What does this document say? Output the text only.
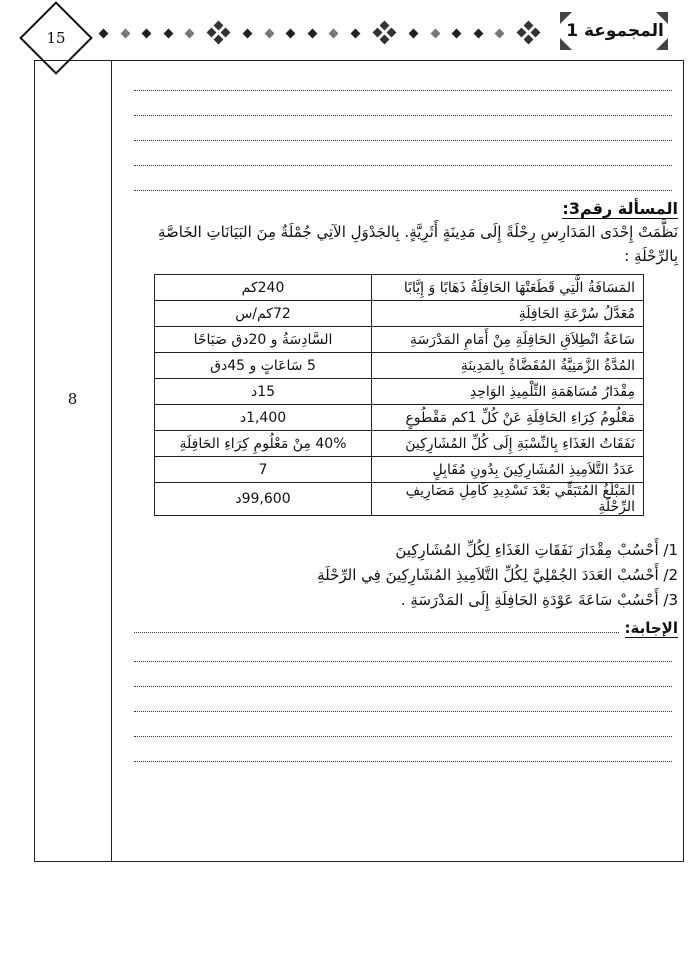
15	المجموعة 1
8
المسألة رقم3:
نَظَّمَتْ إِحْدَى المَدَارِسِ رِحْلَةً إِلَى مَدِينَةٍ أَثَرِيَّةٍ. بِالجَدْوَلِ الآتِي جُمْلَةٌ مِنَ البَيَانَاتِ الخَاصَّةِ بِالرِّحْلَةِ :
المَسَافَةُ الَّتِي قَطَعَتْهَا الحَافِلَةُ ذَهَابًا وَ إِيَّابًا	240كم
مُعَدَّلُ سُرْعَةِ الحَافِلَةِ	72كم/س
سَاعَةُ انْطِلاَقِ الحَافِلَةِ مِنْ أَمَامِ المَدْرَسَةِ	السَّادِسَةُ و 20دق صَبَاحًا
المُدَّةُ الزَّمَنِيَّةُ المُقَضَّاةُ بِالمَدِينَةِ	5 سَاعَاتٍ و 45دق
مِقْدَارُ مُسَاهَمَةِ التِّلْمِيذِ الوَاحِدِ	15د
مَعْلُومُ كِرَاءِ الحَافِلَةِ عَنْ كُلِّ 1كم مَقْطُوعٍ	1,400د
نَفَقَاتُ الغَذَاءِ بِالنِّسْبَةِ إِلَى كُلِّ المُشَارِكِينَ	40% مِنْ مَعْلُومِ كِرَاءِ الحَافِلَةِ
عَدَدُ التَّلاَمِيذِ المُشَارِكِينَ بِدُونِ مُقَابِلٍ	7
المَبْلَغُ المُتَبَقِّي بَعْدَ تَسْدِيدِ كَامِلِ مَصَارِيفِ الرِّحْلَةِ	99,600د
1/ أَحْسُبْ مِقْدَارَ نَفَقَاتِ الغَذَاءِ لِكُلِّ المُشَارِكِينَ
2/ أَحْسُبْ العَدَدَ الجُمْلِيَّ لِكُلِّ التَّلاَمِيذِ المُشَارِكِينَ فِي الرِّحْلَةِ
3/ أَحْسُبْ سَاعَةَ عَوْدَةِ الحَافِلَةِ إِلَى المَدْرَسَةِ .
الإجابة:
